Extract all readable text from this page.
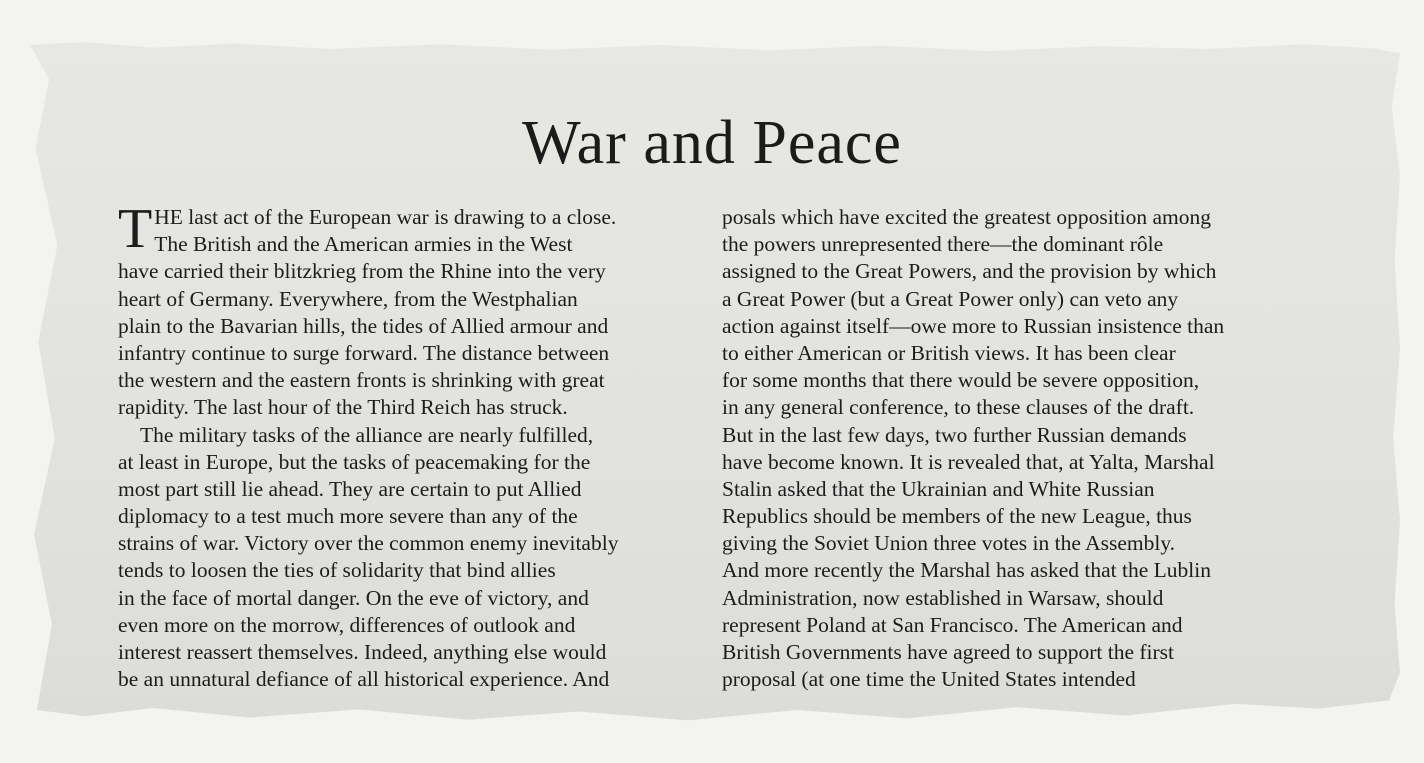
War and Peace
T HE last act of the European war is drawing to a close.
The British and the American armies in the West
have carried their blitzkrieg from the Rhine into the very
heart of Germany. Everywhere, from the Westphalian
plain to the Bavarian hills, the tides of Allied armour and
infantry continue to surge forward. The distance between
the western and the eastern fronts is shrinking with great
rapidity. The last hour of the Third Reich has struck.
The military tasks of the alliance are nearly fulfilled,
at least in Europe, but the tasks of peacemaking for the
most part still lie ahead. They are certain to put Allied
diplomacy to a test much more severe than any of the
strains of war. Victory over the common enemy inevitably
tends to loosen the ties of solidarity that bind allies
in the face of mortal danger. On the eve of victory, and
even more on the morrow, differences of outlook and
interest reassert themselves. Indeed, anything else would
be an unnatural defiance of all historical experience. And
posals which have excited the greatest opposition among
the powers unrepresented there—the dominant rôle
assigned to the Great Powers, and the provision by which
a Great Power (but a Great Power only) can veto any
action against itself—owe more to Russian insistence than
to either American or British views. It has been clear
for some months that there would be severe opposition,
in any general conference, to these clauses of the draft.
But in the last few days, two further Russian demands
have become known. It is revealed that, at Yalta, Marshal
Stalin asked that the Ukrainian and White Russian
Republics should be members of the new League, thus
giving the Soviet Union three votes in the Assembly.
And more recently the Marshal has asked that the Lublin
Administration, now established in Warsaw, should
represent Poland at San Francisco. The American and
British Governments have agreed to support the first
proposal (at one time the United States intended
